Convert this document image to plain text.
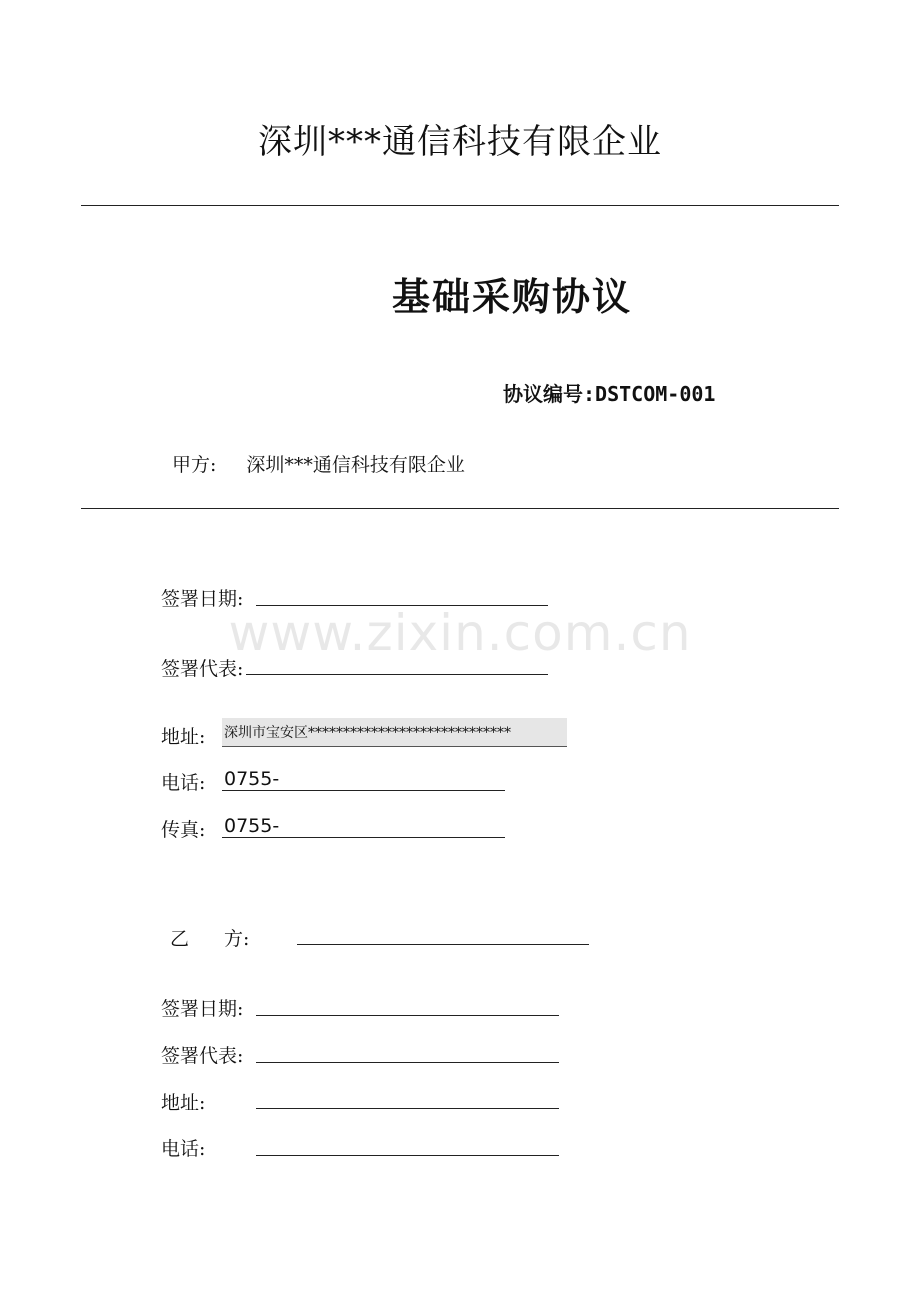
www.zixin.com.cn
深圳***通信科技有限企业
基础采购协议
协议编号:DSTCOM-001
甲方: 深圳***通信科技有限企业
签署日期:
签署代表:
地址: 深圳市宝安区*****************************
电话: 0755-
传真: 0755-
乙 方:
签署日期:
签署代表:
地址:
电话:
